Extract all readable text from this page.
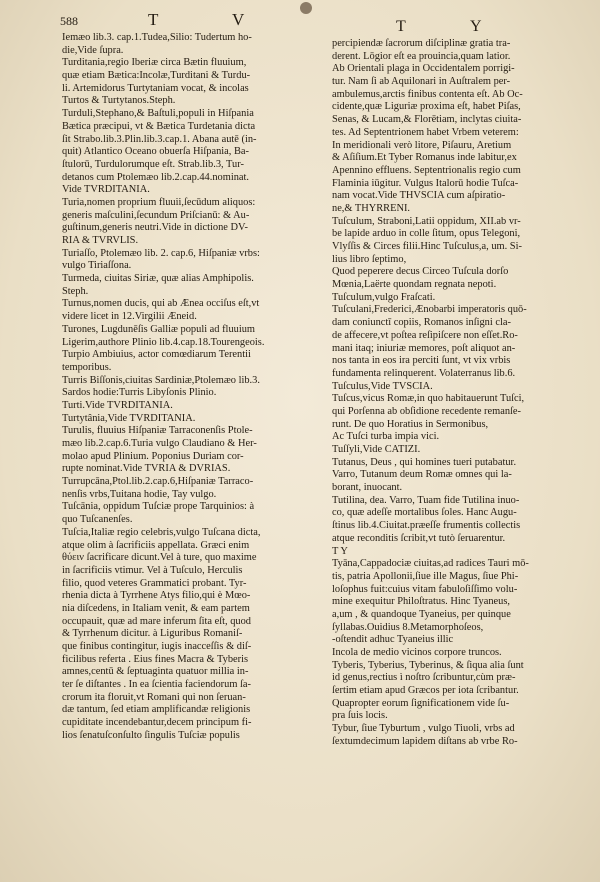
588	T	V	T	Y
Iemæo lib.3. cap.1.Tudea,Silio: Tudertum ho-
die,Vide ſupra.
Turditania,regio Iberiæ circa Bætin fluuium,
quæ etiam Bætica:Incolæ,Turditani & Turdu-
li. Artemidorus Turtytaniam vocat, & incolas
Turtos & Turtytanos.Steph.
Turduli,Stephano,& Baſtuli,populi in Hiſpania
Bætica præcipui, vt & Bætica Turdetania dicta
ſit Strabo.lib.3.Plin.lib.3.cap.1. Abana autē (in-
quit) Atlantico Oceano obuerſa Hiſpania, Ba-
ſtulorū, Turdulorumque eſt. Strab.lib.3, Tur-
detanos cum Ptolemæo lib.2.cap.44.nominat.
Vide TVRDITANIA.
Turia,nomen proprium fluuii,ſecūdum aliquos:
generis maſculini,ſecundum Priſcianū: & Au-
guſtinum,generis neutri.Vide in dictione DV-
RIA & TVRVLIS.
Turiaſſo, Ptolemæo lib. 2. cap.6, Hiſpaniæ vrbs:
vulgo Tiriaſſona.
Turmeda, ciuitas Siriæ, quæ alias Amphipolis.
Steph.
Turnus,nomen ducis, qui ab Ænea occiſus eſt,vt
videre licet in 12.Virgilii Æneid.
Turones, Lugdunēſis Galliæ populi ad fluuium
Ligerim,authore Plinio lib.4.cap.18.Tourengeois.
Turpio Ambiuius, actor comœdiarum Terentii
temporibus.
Turris Biſſonis,ciuitas Sardiniæ,Ptolemæo lib.3.
Sardos hodie:Turris Libyſonis Plinio.
Turti.Vide TVRDITANIA.
Turtytânia,Vide TVRDITANIA.
Turulis, fluuius Hiſpaniæ Tarraconenſis Ptole-
mæo lib.2.cap.6.Turia vulgo Claudiano & Her-
molao apud Plinium. Poponius Duriam cor-
rupte nominat.Vide TVRIA & DVRIAS.
Turrupcāna,Ptol.lib.2.cap.6,Hiſpaniæ Tarraco-
nenſis vrbs,Tuitana hodie, Tay vulgo.
Tuſcānia, oppidum Tuſciæ prope Tarquinios: à
quo Tuſcanenſes.
Tuſcia,Italiæ regio celebris,vulgo Tuſcana dicta,
atque olim à ſacrificiis appellata. Græci enim
θύειν ſacrificare dicunt.Vel à ture, quo maxime
in ſacrificiis vtimur. Vel à Tuſculo, Herculis
filio, quod veteres Grammatici probant. Tyr-
rhenia dicta à Tyrrhene Atys filio,qui è Mœo-
nia diſcedens, in Italiam venit, & eam partem
occupauit, quæ ad mare inferum ſita eſt, quod
& Tyrrhenum dicitur. à Liguribus Romaniſ-
que finibus contingitur, iugis inacceſſis & diſ-
ficilibus referta . Eius fines Macra & Tyberis
amnes,centū & ſeptuaginta quatuor millia in-
ter ſe diſtantes . In ea ſcientia faciendorum ſa-
crorum ita floruit,vt Romani qui non ſeruan-
dæ tantum, ſed etiam amplificandæ religionis
cupiditate incendebantur,decem principum fi-
lios ſenatuſconſulto ſingulis Tuſciæ populis
percipiendæ ſacrorum diſciplinæ gratia tra-
derent. Lōgior eſt ea prouincia,quam latior.
Ab Orientali plaga in Occidentalem porrigi-
tur. Nam ſi ab Aquilonari in Auſtralem per-
ambulemus,arctis finibus contenta eſt. Ab Oc-
cidente,quæ Liguriæ proxima eſt, habet Piſas,
Senas, & Lucam,& Florētiam, inclytas ciuita-
tes. Ad Septentrionem habet Vrbem veterem:
In meridionali verò litore, Piſauru, Aretium
& Aſiſium.Et Tyber Romanus inde labitur,ex
Apennino effluens. Septentrionalis regio cum
Flaminia iūgitur. Vulgus Italorū hodie Tuſca-
nam vocat.Vide THVSCIA cum aſpiratio-
ne,& THYRRENI.
Tuſculum, Straboni,Latii oppidum, XII.ab vr-
be lapide arduo in colle ſitum, opus Telegoni,
Vlyſſis & Circes filii.Hinc Tuſculus,a, um. Si-
lius libro ſeptimo,
Quod peperere decus Circeo Tuſcula dorſo
Mœnia,Laërte quondam regnata nepoti.
Tuſculum,vulgo Fraſcati.
Tuſculani,Frederici,Ænobarbi imperatoris quō-
dam coniunctī copiis, Romanos inſigni cla-
de affecere,vt poſtea reſipiſcere non eſſet.Ro-
mani itaq; iniuriæ memores, poſt aliquot an-
nos tanta in eos ira perciti ſunt, vt vix vrbis
fundamenta relinquerent. Volaterranus lib.6.
Tuſculus,Vide TVSCIA.
Tuſcus,vicus Romæ,in quo habitauerunt Tuſci,
qui Porſenna ab obſidione recedente remanſe-
runt. De quo Horatius in Sermonibus,
Ac Tuſci turba impia vici.
Tuſſyli,Vide CATIZI.
Tutanus, Deus , qui homines tueri putabatur.
Varro, Tutanum deum Romæ omnes qui la-
borant, inuocant.
Tutilina, dea. Varro, Tuam fide Tutilina inuo-
co, quæ adeſſe mortalibus ſoles. Hanc Augu-
ſtinus lib.4.Ciuitat.præeſſe frumentis collectis
atque reconditis ſcribit,vt tutò ſeruarentur.
T Y
Tyāna,Cappadociæ ciuitas,ad radices Tauri mō-
tis, patria Apollonii,ſiue ille Magus, ſiue Phi-
loſophus fuit:cuius vitam fabuloſiſſimo volu-
mine exequitur Philoſtratus. Hinc Tyaneus,
a,um , & quandoque Tyaneius, per quinque
ſyllabas.Ouidius 8.Metamorphoſeos,
-oſtendit adhuc Tyaneius illic
Incola de medio vicinos corpore truncos.
Tyberis, Tyberius, Tyberinus, & ſiqua alia ſunt
id genus,rectius ì noſtro ſcribuntur,cùm præ-
ſertim etiam apud Græcos per iota ſcribantur.
Quapropter eorum ſignificationem vide ſu-
pra ſuis locis.
Tybur, ſiue Tyburtum , vulgo Tiuoli, vrbs ad
ſextumdecimum lapidem diſtans ab vrbe Ro-
